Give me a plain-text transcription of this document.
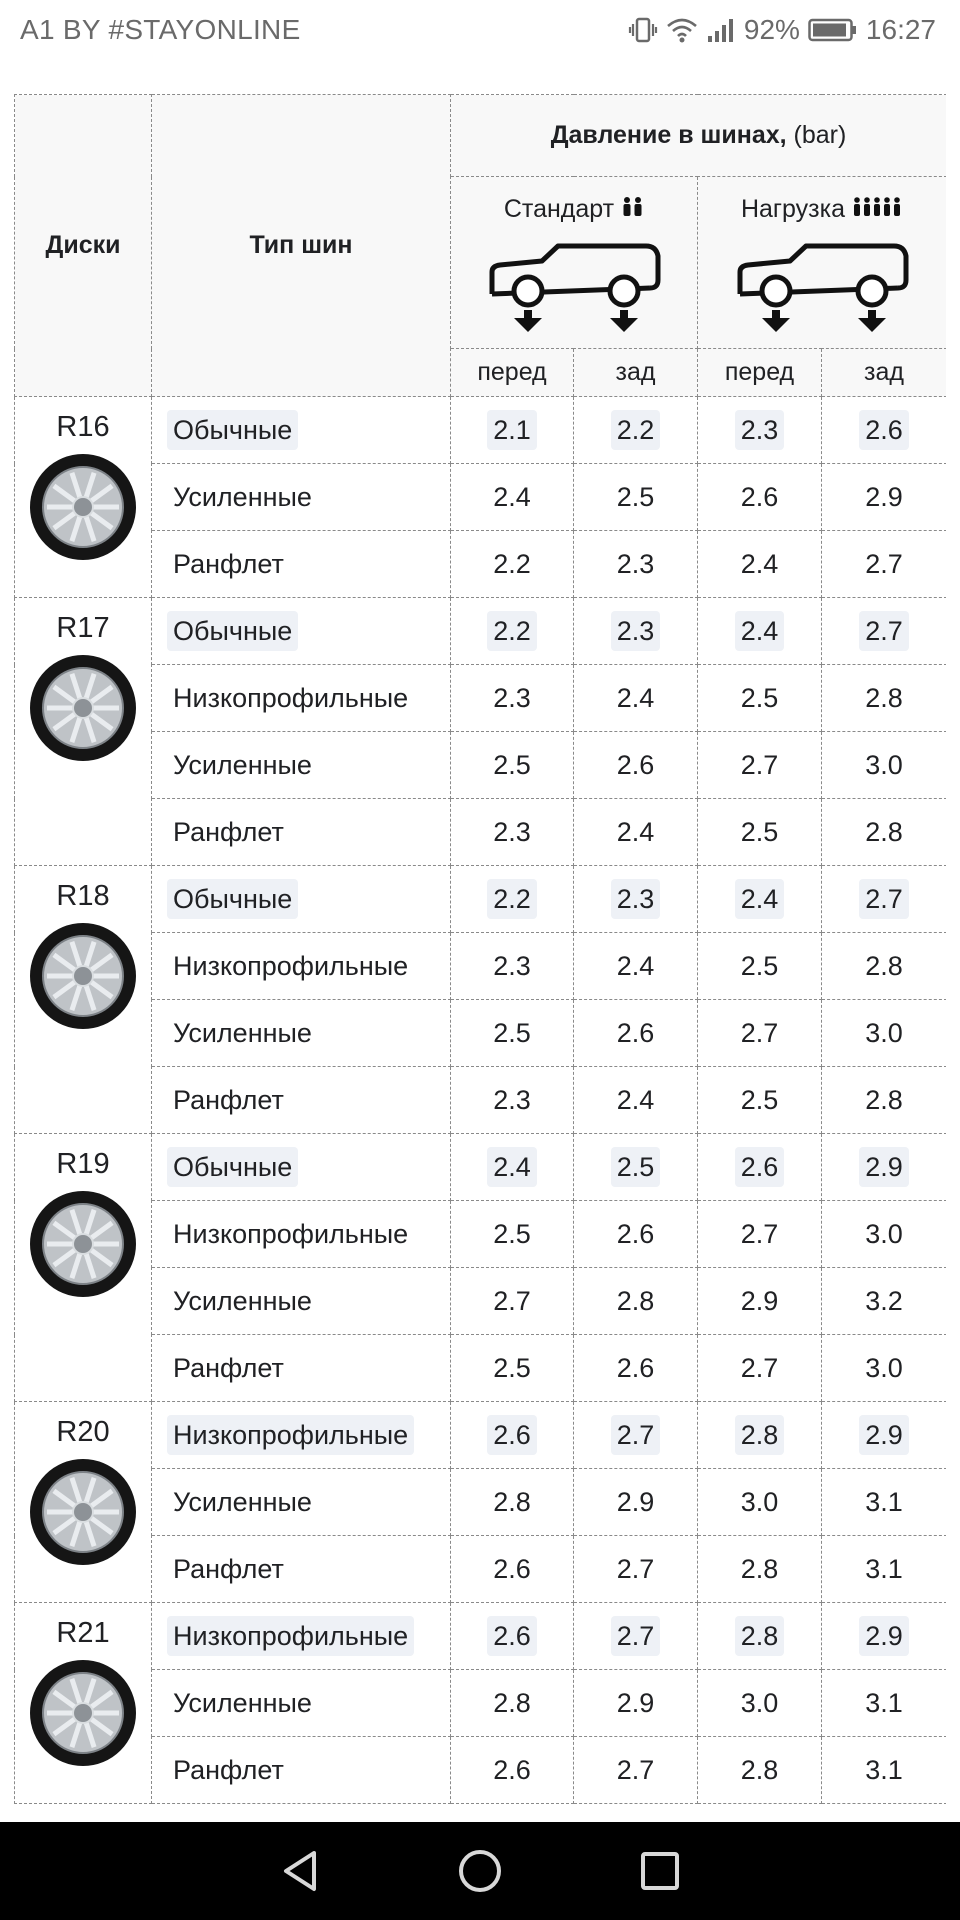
A1 BY #STAYONLINE	92% 16:27
Диски	Тип шин	Давление в шинах, (bar)			

		Стандарт		Нагрузка	

		перед	зад	перед	зад

R16	Обычные	2.1	2.2	2.3	2.6
	Усиленные	2.4	2.5	2.6	2.9
	Ранфлет	2.2	2.3	2.4	2.7

R17	Обычные	2.2	2.3	2.4	2.7
	Низкопрофильные	2.3	2.4	2.5	2.8
	Усиленные	2.5	2.6	2.7	3.0
	Ранфлет	2.3	2.4	2.5	2.8

R18	Обычные	2.2	2.3	2.4	2.7
	Низкопрофильные	2.3	2.4	2.5	2.8
	Усиленные	2.5	2.6	2.7	3.0
	Ранфлет	2.3	2.4	2.5	2.8

R19	Обычные	2.4	2.5	2.6	2.9
	Низкопрофильные	2.5	2.6	2.7	3.0
	Усиленные	2.7	2.8	2.9	3.2
	Ранфлет	2.5	2.6	2.7	3.0

R20	Низкопрофильные	2.6	2.7	2.8	2.9
	Усиленные	2.8	2.9	3.0	3.1
	Ранфлет	2.6	2.7	2.8	3.1

R21	Низкопрофильные	2.6	2.7	2.8	2.9
	Усиленные	2.8	2.9	3.0	3.1
	Ранфлет	2.6	2.7	2.8	3.1
